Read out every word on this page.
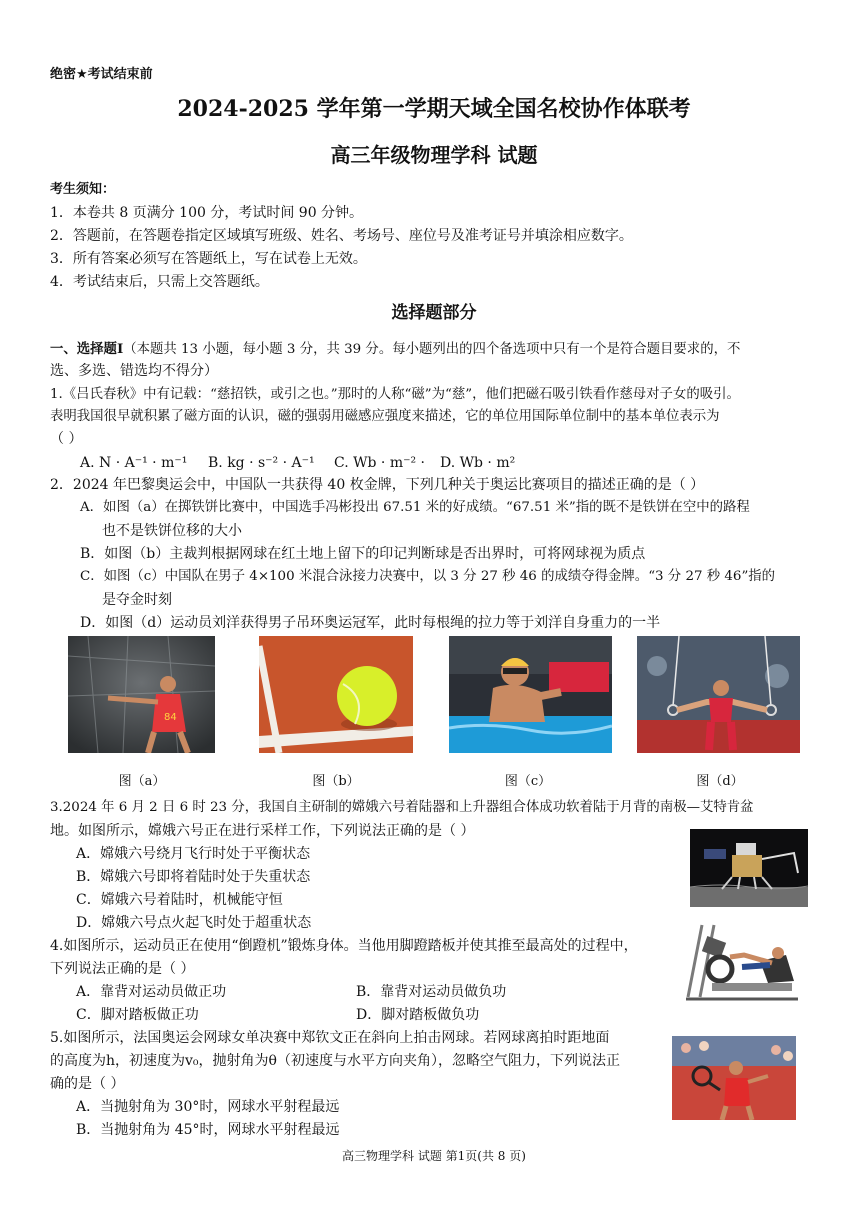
绝密★考试结束前
2024-2025 学年第一学期天域全国名校协作体联考
高三年级物理学科 试题
考生须知：
1．本卷共 8 页满分 100 分，考试时间 90 分钟。
2．答题前，在答题卷指定区域填写班级、姓名、考场号、座位号及准考证号并填涂相应数字。
3．所有答案必须写在答题纸上，写在试卷上无效。
4．考试结束后，只需上交答题纸。
选择题部分
一、选择题Ⅰ（本题共 13 小题，每小题 3 分，共 39 分。每小题列出的四个备选项中只有一个是符合题目要求的，不
选、多选、错选均不得分）
1.《吕氏春秋》中有记载：“慈招铁，或引之也。”那时的人称“磁”为“慈”，他们把磁石吸引铁看作慈母对子女的吸引。
表明我国很早就积累了磁方面的认识，磁的强弱用磁感应强度来描述，它的单位用国际单位制中的基本单位表示为
（ ）
A. N · A⁻¹ · m⁻¹ B. kg · s⁻² · A⁻¹ C. Wb · m⁻² · D. Wb · m²
2．2024 年巴黎奥运会中，中国队一共获得 40 枚金牌，下列几种关于奥运比赛项目的描述正确的是（ ）
A．如图（a）在掷铁饼比赛中，中国选手冯彬投出 67.51 米的好成绩。“67.51 米”指的既不是铁饼在空中的路程
也不是铁饼位移的大小
B．如图（b）主裁判根据网球在红土地上留下的印记判断球是否出界时，可将网球视为质点
C．如图（c）中国队在男子 4×100 米混合泳接力决赛中，以 3 分 27 秒 46 的成绩夺得金牌。“3 分 27 秒 46”指的
是夺金时刻
D．如图（d）运动员刘洋获得男子吊环奥运冠军，此时每根绳的拉力等于刘洋自身重力的一半
84
图（a）	图（b）	图（c）	图（d）
3.2024 年 6 月 2 日 6 时 23 分，我国自主研制的嫦娥六号着陆器和上升器组合体成功软着陆于月背的南极—艾特肯盆
地。如图所示，嫦娥六号正在进行采样工作，下列说法正确的是（ ）
A．嫦娥六号绕月飞行时处于平衡状态
B．嫦娥六号即将着陆时处于失重状态
C．嫦娥六号着陆时，机械能守恒
D．嫦娥六号点火起飞时处于超重状态
4.如图所示，运动员正在使用“倒蹬机”锻炼身体。当他用脚蹬踏板并使其推至最高处的过程中，
下列说法正确的是（ ）
A．靠背对运动员做正功	B．靠背对运动员做负功
C．脚对踏板做正功	D．脚对踏板做负功
5.如图所示，法国奥运会网球女单决赛中郑钦文正在斜向上拍击网球。若网球离拍时距地面
的高度为h，初速度为v₀，抛射角为θ（初速度与水平方向夹角），忽略空气阻力，下列说法正
确的是（ ）
A．当抛射角为 30°时，网球水平射程最远
B．当抛射角为 45°时，网球水平射程最远
高三物理学科 试题 第1页(共 8 页)
